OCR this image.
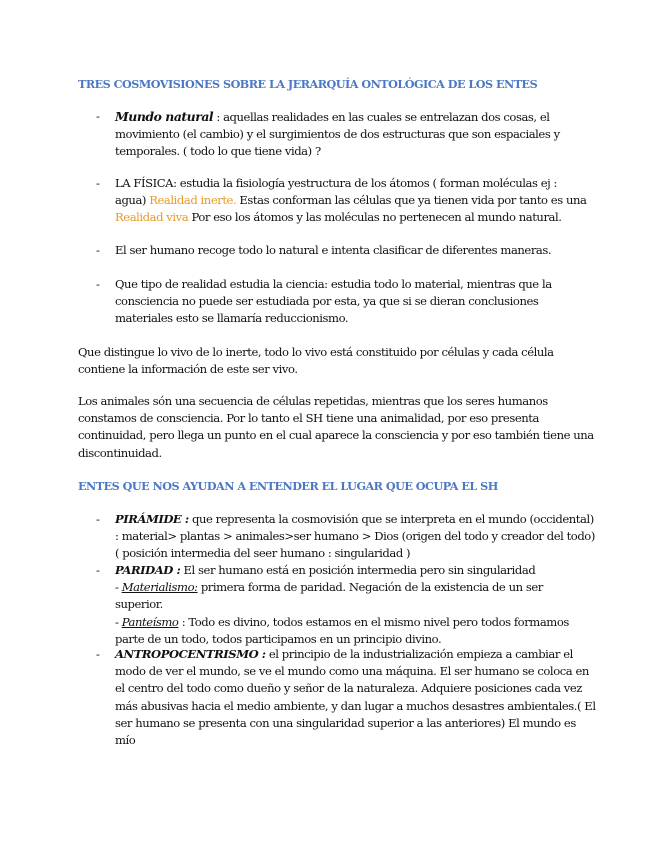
TRES COSMOVISIONES SOBRE LA JERARQUÍA ONTOLÓGICA DE LOS ENTES
- Mundo natural : aquellas realidades en las cuales se entrelazan dos cosas, el
movimiento (el cambio) y el surgimientos de dos estructuras que son espaciales y
temporales. ( todo lo que tiene vida) ?
- LA FÍSICA: estudia la fisiología yestructura de los átomos ( forman moléculas ej :
agua) Realidad inerte. Estas conforman las células que ya tienen vida por tanto es una
Realidad viva Por eso los átomos y las moléculas no pertenecen al mundo natural.
- El ser humano recoge todo lo natural e intenta clasificar de diferentes maneras.
- Que tipo de realidad estudia la ciencia: estudia todo lo material, mientras que la
consciencia no puede ser estudiada por esta, ya que si se dieran conclusiones
materiales esto se llamaría reduccionismo.
Que distingue lo vivo de lo inerte, todo lo vivo está constituido por células y cada célula
contiene la información de este ser vivo.
Los animales són una secuencia de células repetidas, mientras que los seres humanos
constamos de consciencia. Por lo tanto el SH tiene una animalidad, por eso presenta
continuidad, pero llega un punto en el cual aparece la consciencia y por eso también tiene una
discontinuidad.
ENTES QUE NOS AYUDAN A ENTENDER EL LUGAR QUE OCUPA EL SH
- PIRÁMIDE : que representa la cosmovisión que se interpreta en el mundo (occidental)
: material> plantas > animales>ser humano > Dios (origen del todo y creador del todo)
( posición intermedia del seer humano : singularidad )
- PARIDAD : El ser humano está en posición intermedia pero sin singularidad
- Materialismo: primera forma de paridad. Negación de la existencia de un ser
superior.
- Panteísmo : Todo es divino, todos estamos en el mismo nivel pero todos formamos
parte de un todo, todos participamos en un principio divino.
- ANTROPOCENTRISMO : el principio de la industrialización empieza a cambiar el
modo de ver el mundo, se ve el mundo como una máquina. El ser humano se coloca en
el centro del todo como dueño y señor de la naturaleza. Adquiere posiciones cada vez
más abusivas hacia el medio ambiente, y dan lugar a muchos desastres ambientales.( El
ser humano se presenta con una singularidad superior a las anteriores) El mundo es
mío
